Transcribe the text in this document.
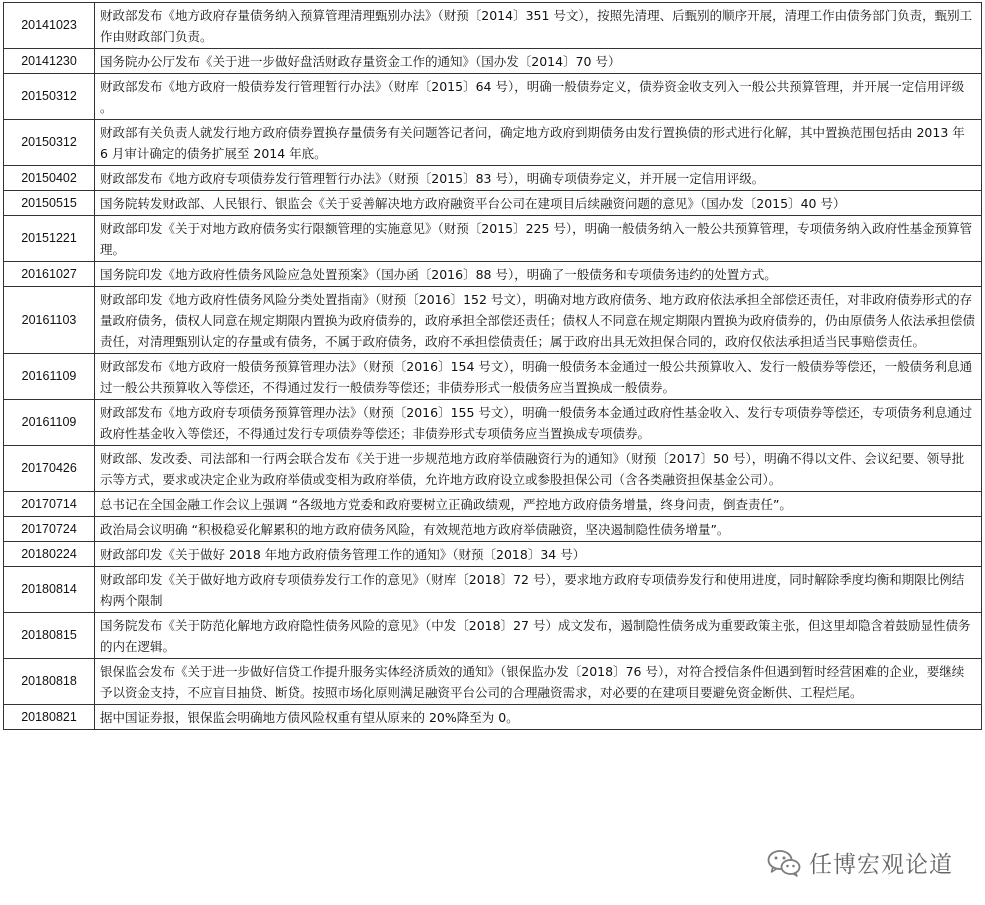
20141023	财政部发布《地方政府存量债务纳入预算管理清理甄别办法》（财预〔2014〕351 号文），按照先清理、后甄别的顺序开展，清理工作由债务部门负责，甄别工作由财政部门负责。
20141230	国务院办公厅发布《关于进一步做好盘活财政存量资金工作的通知》（国办发〔2014〕70 号）
20150312	财政部发布《地方政府一般债券发行管理暂行办法》（财库〔2015〕64 号），明确一般债券定义，债券资金收支列入一般公共预算管理，并开展一定信用评级 。
20150312	财政部有关负责人就发行地方政府债券置换存量债务有关问题答记者问，确定地方政府到期债务由发行置换债的形式进行化解，其中置换范围包括由 2013 年 6 月审计确定的债务扩展至 2014 年底。
20150402	财政部发布《地方政府专项债券发行管理暂行办法》（财预〔2015〕83 号），明确专项债券定义，并开展一定信用评级。
20150515	国务院转发财政部、人民银行、银监会《关于妥善解决地方政府融资平台公司在建项目后续融资问题的意见》（国办发〔2015〕40 号）
20151221	财政部印发《关于对地方政府债务实行限额管理的实施意见》（财预〔2015〕225 号），明确一般债务纳入一般公共预算管理，专项债务纳入政府性基金预算管理。
20161027	国务院印发《地方政府性债务风险应急处置预案》（国办函〔2016〕88 号），明确了一般债务和专项债务违约的处置方式。
20161103	财政部印发《地方政府性债务风险分类处置指南》（财预〔2016〕152 号文），明确对地方政府债务、地方政府依法承担全部偿还责任，对非政府债券形式的存量政府债务，债权人同意在规定期限内置换为政府债券的，政府承担全部偿还责任；债权人不同意在规定期限内置换为政府债券的，仍由原债务人依法承担偿债责任，对清理甄别认定的存量或有债务，不属于政府债务，政府不承担偿债责任；属于政府出具无效担保合同的，政府仅依法承担适当民事赔偿责任。
20161109	财政部发布《地方政府一般债务预算管理办法》（财预〔2016〕154 号文），明确一般债务本金通过一般公共预算收入、发行一般债券等偿还，一般债务利息通过一般公共预算收入等偿还，不得通过发行一般债券等偿还；非债券形式一般债务应当置换成一般债券。
20161109	财政部发布《地方政府专项债务预算管理办法》（财预〔2016〕155 号文），明确一般债务本金通过政府性基金收入、发行专项债券等偿还，专项债务利息通过政府性基金收入等偿还，不得通过发行专项债券等偿还；非债券形式专项债务应当置换成专项债券。
20170426	财政部、发改委、司法部和一行两会联合发布《关于进一步规范地方政府举债融资行为的通知》（财预〔2017〕50 号），明确不得以文件、会议纪要、领导批示等方式，要求或决定企业为政府举债或变相为政府举债，允许地方政府设立或参股担保公司（含各类融资担保基金公司）。
20170714	总书记在全国金融工作会议上强调 “各级地方党委和政府要树立正确政绩观，严控地方政府债务增量，终身问责，倒查责任”。
20170724	政治局会议明确 “积极稳妥化解累积的地方政府债务风险，有效规范地方政府举债融资，坚决遏制隐性债务增量”。
20180224	财政部印发《关于做好 2018 年地方政府债务管理工作的通知》（财预〔2018〕34 号）
20180814	财政部印发《关于做好地方政府专项债券发行工作的意见》（财库〔2018〕72 号），要求地方政府专项债券发行和使用进度，同时解除季度均衡和期限比例结构两个限制
20180815	国务院发布《关于防范化解地方政府隐性债务风险的意见》（中发〔2018〕27 号）成文发布，遏制隐性债务成为重要政策主张，但这里却隐含着鼓励显性债务的内在逻辑。
20180818	银保监会发布《关于进一步做好信贷工作提升服务实体经济质效的通知》（银保监办发〔2018〕76 号），对符合授信条件但遇到暂时经营困难的企业，要继续予以资金支持，不应盲目抽贷、断贷。按照市场化原则满足融资平台公司的合理融资需求，对必要的在建项目要避免资金断供、工程烂尾。
20180821	据中国证券报，银保监会明确地方债风险权重有望从原来的 20%降至为 0。
任博宏观论道
